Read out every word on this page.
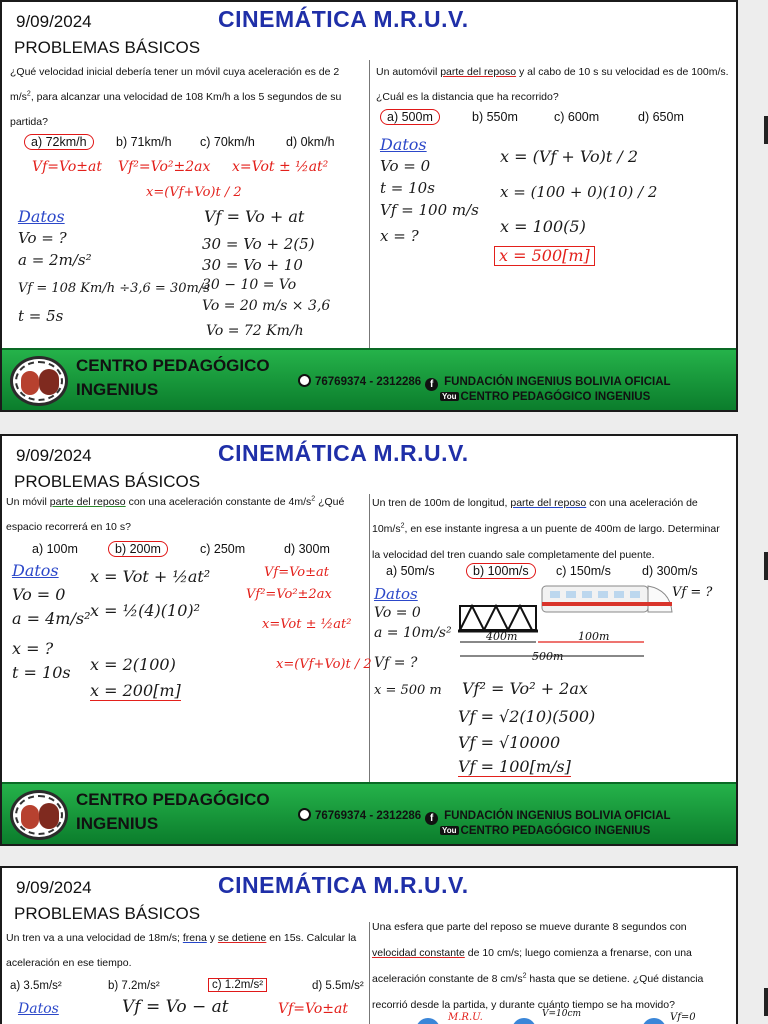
9/09/2024	CINEMÁTICA M.R.U.V.
PROBLEMAS BÁSICOS
¿Qué velocidad inicial debería tener un móvil cuya aceleración es de 2
$m/s^2$, para alcanzar una velocidad de 108 Km/h a los 5 segundos de su
partida?
a) 72km/h	b) 71km/h c) 70km/h d) 0km/h
Vf=Vo±at Vf²=Vo²±2ax x=Vot ± ½at²
x=(Vf+Vo)t / 2
Datos
Vo = ?
a = 2m/s²
Vf = 108 Km/h ÷3,6 = 30m/s
t = 5s
Vf = Vo + at
30 = Vo + 2(5)
30 = Vo + 10
30 − 10 = Vo
Vo = 20 m/s × 3,6
Vo = 72 Km/h
Un automóvil parte del reposo y al cabo de 10 s su velocidad es de 100m/s.
¿Cuál es la distancia que ha recorrido?
a) 500m	b) 550m	c) 600m	d) 650m
Datos
Vo = 0
t = 10s
Vf = 100 m/s
x = ?
x = (Vf + Vo)t / 2
x = (100 + 0)(10) / 2
x = 100(5)
x = 500[m]
CENTRO PEDAGÓGICO
INGENIUS	76769374 - 2312286 f FUNDACIÓN INGENIUS BOLIVIA OFICIAL
You CENTRO PEDAGÓGICO INGENIUS
9/09/2024	CINEMÁTICA M.R.U.V.
PROBLEMAS BÁSICOS
Un móvil parte del reposo con una aceleración constante de $4m/s^2$ ¿Qué
espacio recorrerá en 10 s?
a) 100m	b) 200m	c) 250m	d) 300m
Datos
Vo = 0
a = 4m/s²
x = ?
t = 10s
x = Vot + ½at²
x = ½(4)(10)²
x = 2(100)
x = 200[m]
Vf=Vo±at
Vf²=Vo²±2ax
x=Vot ± ½at²
x=(Vf+Vo)t / 2
Un tren de 100m de longitud, parte del reposo con una aceleración de
$10m/s^2$, en ese instante ingresa a un puente de 400m de largo. Determinar
la velocidad del tren cuando sale completamente del puente.
a) 50m/s	b) 100m/s	c) 150m/s d) 300m/s
Datos
Vo = 0
a = 10m/s²
Vf = ?
x = 500 m
400m	100m
500m
Vf = ?
Vf² = Vo² + 2ax
Vf = √2(10)(500)
Vf = √10000
Vf = 100[m/s]
CENTRO PEDAGÓGICO
INGENIUS	76769374 - 2312286 f FUNDACIÓN INGENIUS BOLIVIA OFICIAL
You CENTRO PEDAGÓGICO INGENIUS
9/09/2024	CINEMÁTICA M.R.U.V.
PROBLEMAS BÁSICOS
Un tren va a una velocidad de 18m/s; frena y se detiene en 15s. Calcular la
aceleración en ese tiempo.
a) 3.5m/s²	b) 7.2m/s²	c) 1.2m/s²	d) 5.5m/s²
Datos	Vf = Vo − at	Vf=Vo±at
Una esfera que parte del reposo se mueve durante 8 segundos con
velocidad constante de 10 cm/s; luego comienza a frenarse, con una
aceleración constante de 8 $cm/s^2$ hasta que se detiene. ¿Qué distancia
recorrió desde la partida, y durante cuánto tiempo se ha movido?
M.R.U.	V=10cm	Vf=0
